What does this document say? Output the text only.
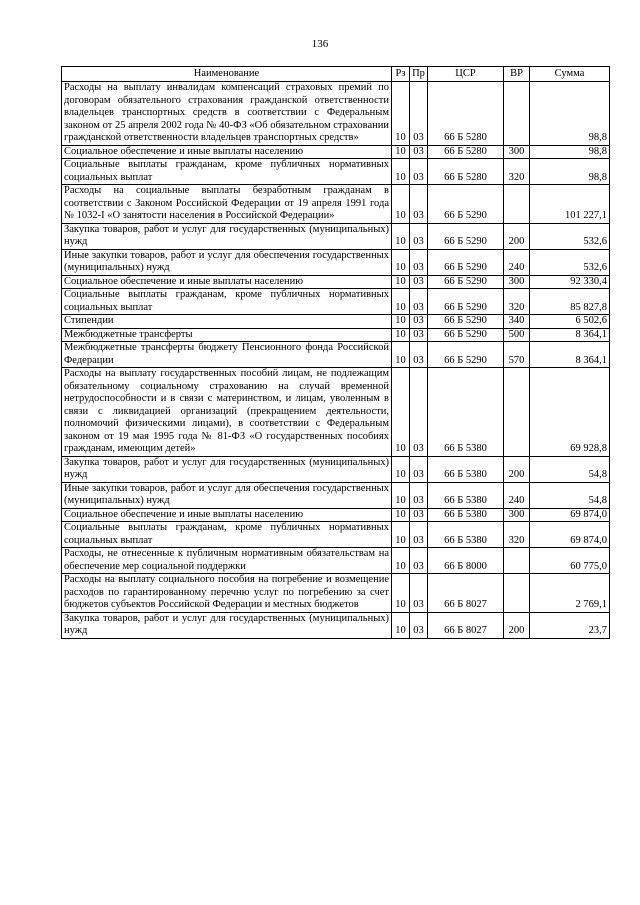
136
Наименование	Рз	Пр	ЦСР	ВР	Сумма
Расходы на выплату инвалидам компенсаций страховых премий по договорам обязательного страхования гражданской ответственности владельцев транспортных средств в соответствии с Федеральным законом от 25 апреля 2002 года № 40-ФЗ «Об обязательном страховании гражданской ответственности владельцев транспортных средств»	10	03	66 Б 5280		98,8
Социальное обеспечение и иные выплаты населению	10	03	66 Б 5280	300	98,8
Социальные выплаты гражданам, кроме публичных нормативных социальных выплат	10	03	66 Б 5280	320	98,8
Расходы на социальные выплаты безработным гражданам в соответствии с Законом Российской Федерации от 19 апреля 1991 года № 1032-I «О занятости населения в Российской Федерации»	10	03	66 Б 5290		101 227,1
Закупка товаров, работ и услуг для государственных (муниципальных) нужд	10	03	66 Б 5290	200	532,6
Иные закупки товаров, работ и услуг для обеспечения государственных (муниципальных) нужд	10	03	66 Б 5290	240	532,6
Социальное обеспечение и иные выплаты населению	10	03	66 Б 5290	300	92 330,4
Социальные выплаты гражданам, кроме публичных нормативных социальных выплат	10	03	66 Б 5290	320	85 827,8
Стипендии	10	03	66 Б 5290	340	6 502,6
Межбюджетные трансферты	10	03	66 Б 5290	500	8 364,1
Межбюджетные трансферты бюджету Пенсионного фонда Российской Федерации	10	03	66 Б 5290	570	8 364,1
Расходы на выплату государственных пособий лицам, не подлежащим обязательному социальному страхованию на случай временной нетрудоспособности и в связи с материнством, и лицам, уволенным в связи с ликвидацией организаций (прекращением деятельности, полномочий физическими лицами), в соответствии с Федеральным законом от 19 мая 1995 года № 81-ФЗ «О государственных пособиях гражданам, имеющим детей»	10	03	66 Б 5380		69 928,8
Закупка товаров, работ и услуг для государственных (муниципальных) нужд	10	03	66 Б 5380	200	54,8
Иные закупки товаров, работ и услуг для обеспечения государственных (муниципальных) нужд	10	03	66 Б 5380	240	54,8
Социальное обеспечение и иные выплаты населению	10	03	66 Б 5380	300	69 874,0
Социальные выплаты гражданам, кроме публичных нормативных социальных выплат	10	03	66 Б 5380	320	69 874,0
Расходы, не отнесенные к публичным нормативным обязательствам на обеспечение мер социальной поддержки	10	03	66 Б 8000		60 775,0
Расходы на выплату социального пособия на погребение и возмещение расходов по гарантированному перечню услуг по погребению за счет бюджетов субъектов Российской Федерации и местных бюджетов	10	03	66 Б 8027		2 769,1
Закупка товаров, работ и услуг для государственных (муниципальных) нужд	10	03	66 Б 8027	200	23,7
